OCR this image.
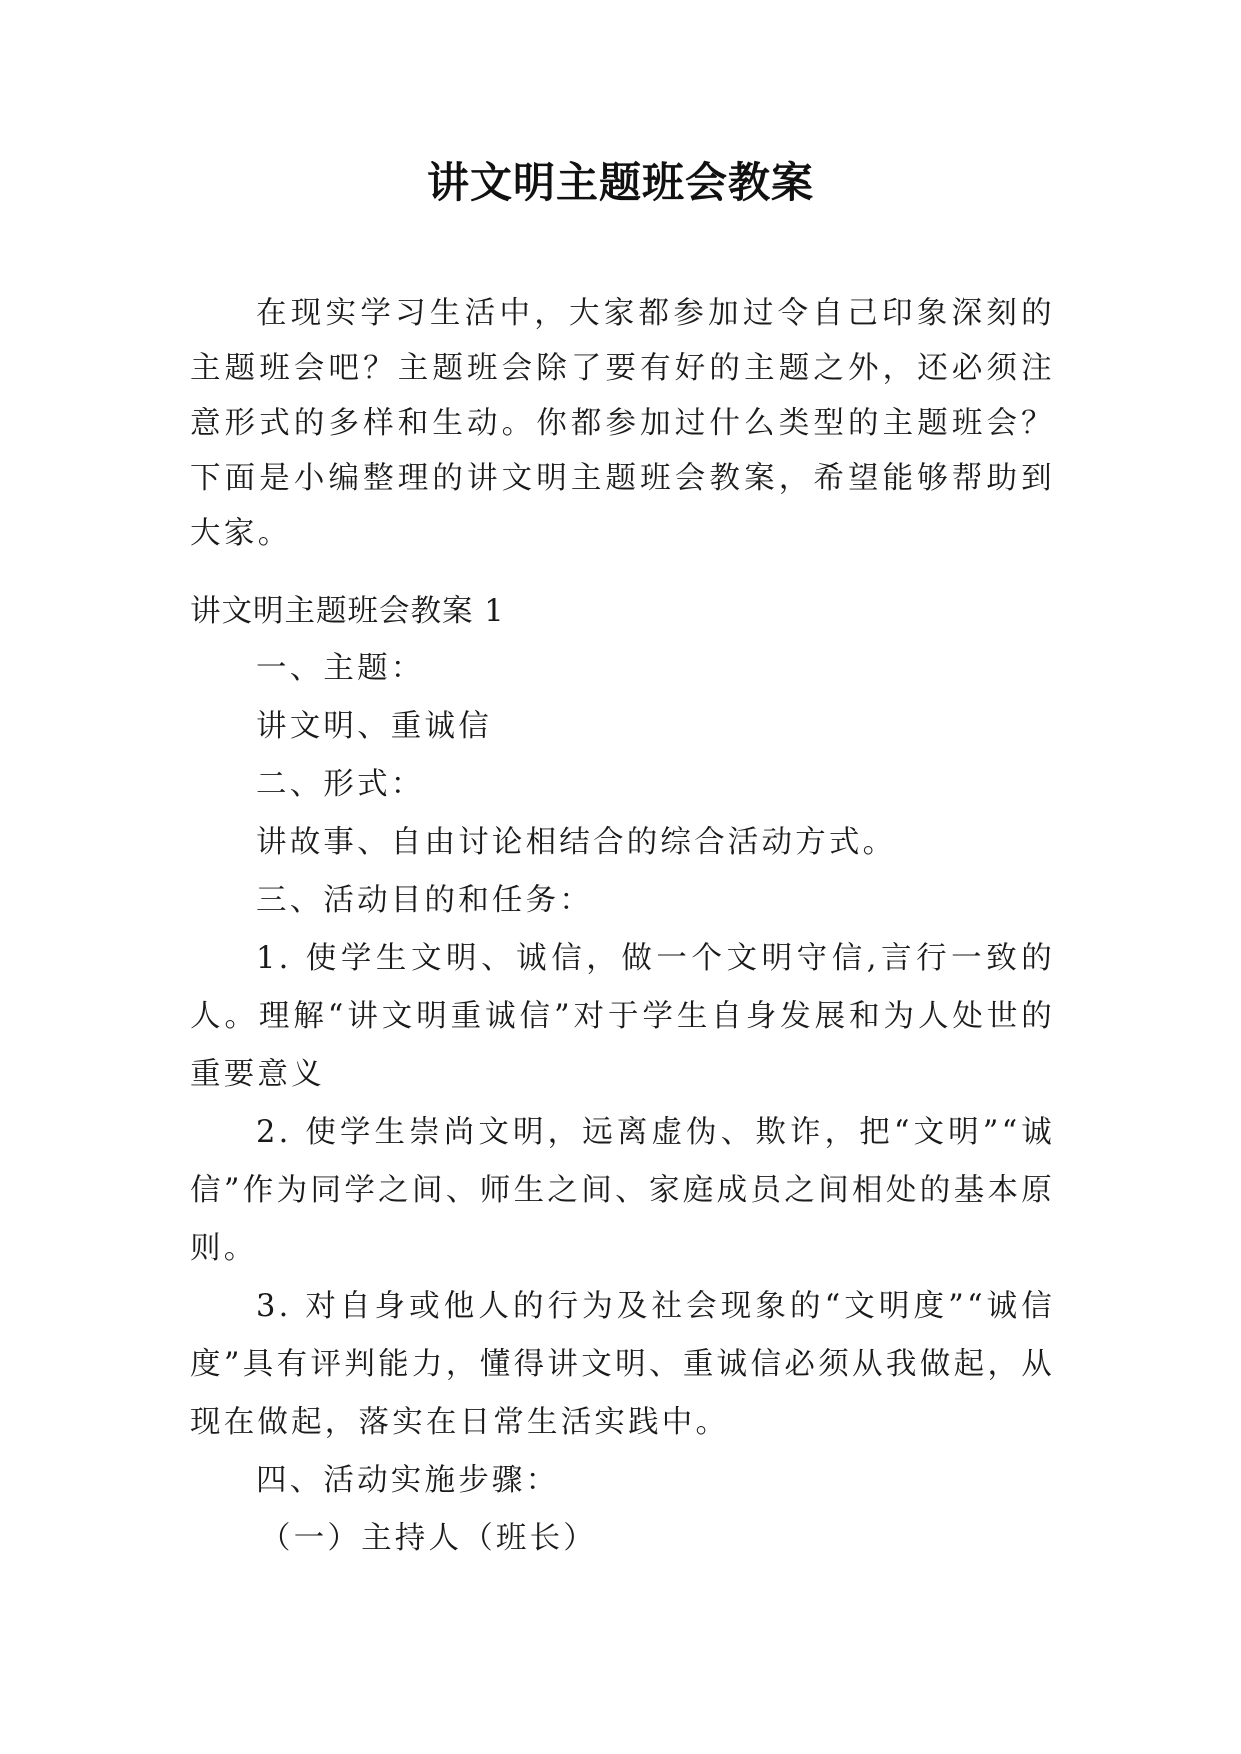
讲文明主题班会教案

在现实学习生活中，大家都参加过令自己印象深刻的主题班会吧？主题班会除了要有好的主题之外，还必须注意形式的多样和生动。你都参加过什么类型的主题班会？下面是小编整理的讲文明主题班会教案，希望能够帮助到大家。

讲文明主题班会教案 1

一、主题：

讲文明、重诚信

二、形式：

讲故事、自由讨论相结合的综合活动方式。

三、活动目的和任务：

1. 使学生文明、诚信，做一个文明守信,言行一致的人。理解“讲文明重诚信”对于学生自身发展和为人处世的重要意义

2. 使学生崇尚文明，远离虚伪、欺诈，把“文明”“诚信”作为同学之间、师生之间、家庭成员之间相处的基本原则。

3. 对自身或他人的行为及社会现象的“文明度”“诚信度”具有评判能力，懂得讲文明、重诚信必须从我做起，从现在做起，落实在日常生活实践中。

四、活动实施步骤：

（一）主持人（班长）
